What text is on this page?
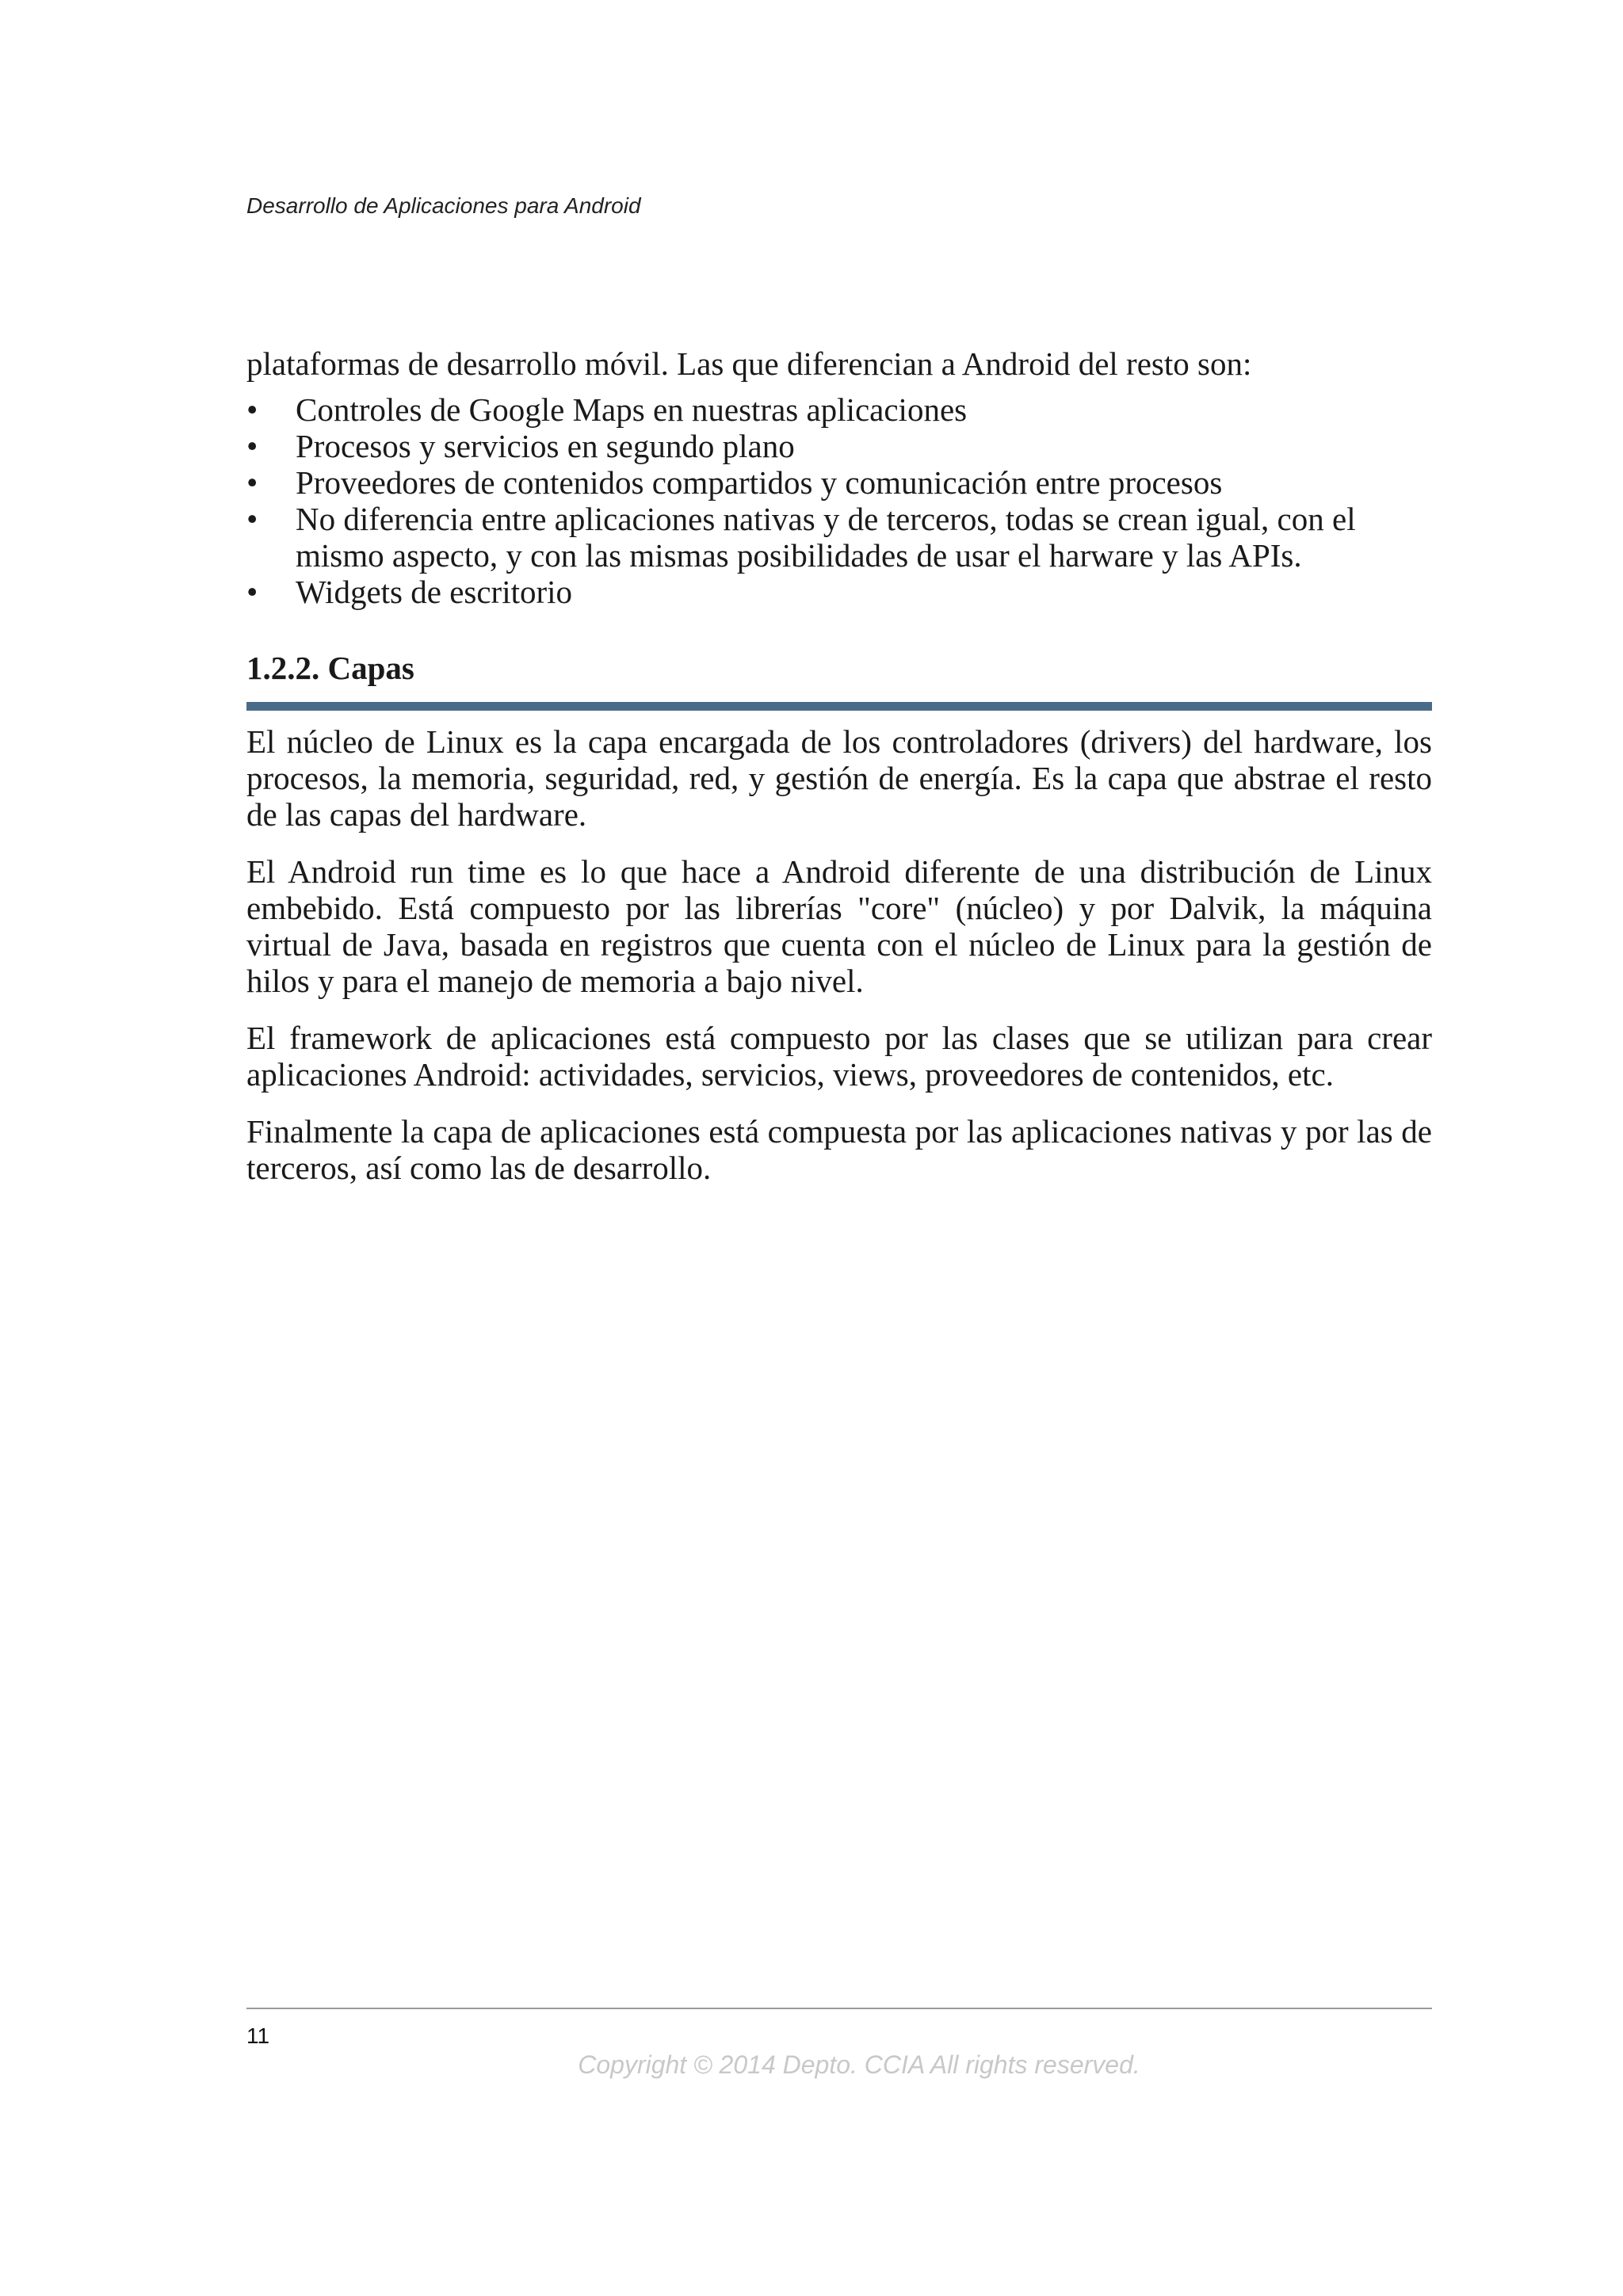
Desarrollo de Aplicaciones para Android

plataformas de desarrollo móvil. Las que diferencian a Android del resto son:

•	Controles de Google Maps en nuestras aplicaciones
•	Procesos y servicios en segundo plano
•	Proveedores de contenidos compartidos y comunicación entre procesos
•	No diferencia entre aplicaciones nativas y de terceros, todas se crean igual, con el mismo aspecto, y con las mismas posibilidades de usar el harware y las APIs.
•	Widgets de escritorio
1.2.2. Capas

El núcleo de Linux es la capa encargada de los controladores (drivers) del hardware, los procesos, la memoria, seguridad, red, y gestión de energía. Es la capa que abstrae el resto de las capas del hardware.

El Android run time es lo que hace a Android diferente de una distribución de Linux embebido. Está compuesto por las librerías "core" (núcleo) y por Dalvik, la máquina virtual de Java, basada en registros que cuenta con el núcleo de Linux para la gestión de hilos y para el manejo de memoria a bajo nivel.

El framework de aplicaciones está compuesto por las clases que se utilizan para crear aplicaciones Android: actividades, servicios, views, proveedores de contenidos, etc.

Finalmente la capa de aplicaciones está compuesta por las aplicaciones nativas y por las de terceros, así como las de desarrollo.

11
Copyright © 2014 Depto. CCIA All rights reserved.
